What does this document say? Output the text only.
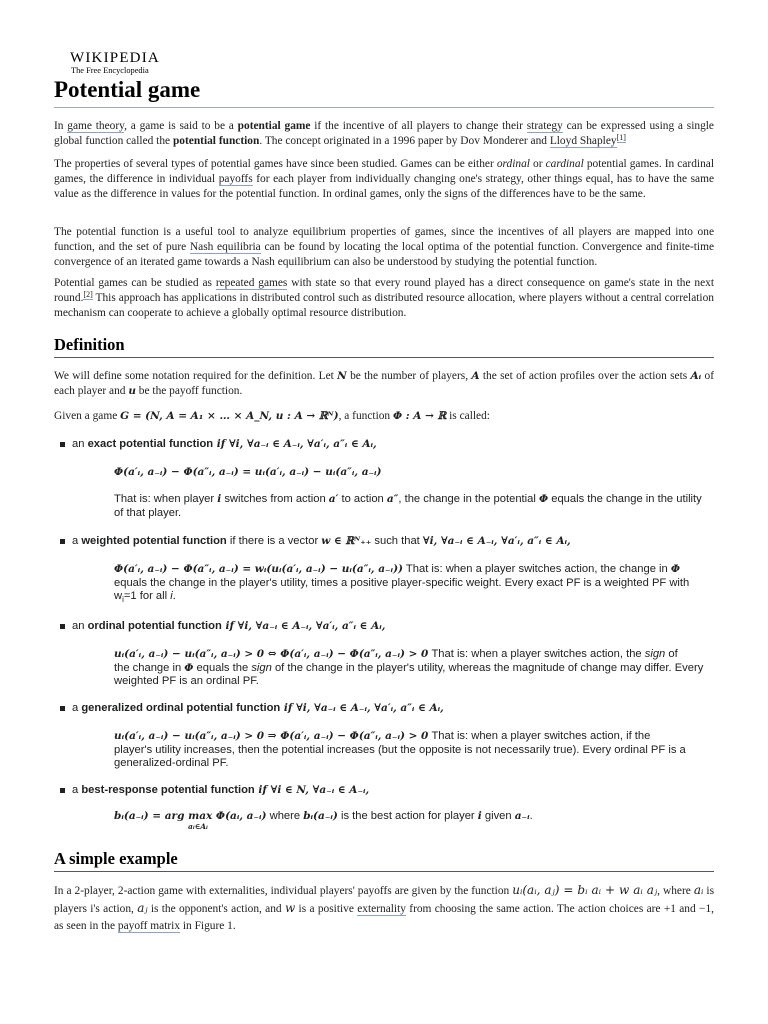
WIKIPEDIA
The Free Encyclopedia
Potential game

In game theory, a game is said to be a potential game if the incentive of all players to change their strategy can be expressed using a single global function called the potential function. The concept originated in a 1996 paper by Dov Monderer and Lloyd Shapley[1]

The properties of several types of potential games have since been studied. Games can be either ordinal or cardinal potential games. In cardinal games, the difference in individual payoffs for each player from individually changing one's strategy, other things equal, has to have the same value as the difference in values for the potential function. In ordinal games, only the signs of the differences have to be the same.

The potential function is a useful tool to analyze equilibrium properties of games, since the incentives of all players are mapped into one function, and the set of pure Nash equilibria can be found by locating the local optima of the potential function. Convergence and finite-time convergence of an iterated game towards a Nash equilibrium can also be understood by studying the potential function.

Potential games can be studied as repeated games with state so that every round played has a direct consequence on game's state in the next round.[2] This approach has applications in distributed control such as distributed resource allocation, where players without a central correlation mechanism can cooperate to achieve a globally optimal resource distribution.

Definition

We will define some notation required for the definition. Let N be the number of players, A the set of action profiles over the action sets Aᵢ of each player and u be the payoff function.

Given a game G = (N, A = A₁ × … × A_N, u : A → ℝᴺ), a function Φ : A → ℝ is called:

an exact potential function if ∀i, ∀a₋ᵢ ∈ A₋ᵢ, ∀a′ᵢ, a″ᵢ ∈ Aᵢ,
Φ(a′ᵢ, a₋ᵢ) − Φ(a″ᵢ, a₋ᵢ) = uᵢ(a′ᵢ, a₋ᵢ) − uᵢ(a″ᵢ, a₋ᵢ)
That is: when player i switches from action a′ to action a″, the change in the potential Φ equals the change in the utility of that player.
a weighted potential function if there is a vector w ∈ ℝᴺ₊₊ such that ∀i, ∀a₋ᵢ ∈ A₋ᵢ, ∀a′ᵢ, a″ᵢ ∈ Aᵢ,
Φ(a′ᵢ, a₋ᵢ) − Φ(a″ᵢ, a₋ᵢ) = wᵢ(uᵢ(a′ᵢ, a₋ᵢ) − uᵢ(a″ᵢ, a₋ᵢ)) That is: when a player switches action, the change in Φ
equals the change in the player's utility, times a positive player-specific weight. Every exact PF is a weighted PF with $w_i=1$ for all i.
an ordinal potential function if ∀i, ∀a₋ᵢ ∈ A₋ᵢ, ∀a′ᵢ, a″ᵢ ∈ Aᵢ,
uᵢ(a′ᵢ, a₋ᵢ) − uᵢ(a″ᵢ, a₋ᵢ) > 0 ⇔ Φ(a′ᵢ, a₋ᵢ) − Φ(a″ᵢ, a₋ᵢ) > 0 That is: when a player switches action, the sign of
the change in Φ equals the sign of the change in the player's utility, whereas the magnitude of change may differ. Every weighted PF is an ordinal PF.
a generalized ordinal potential function if ∀i, ∀a₋ᵢ ∈ A₋ᵢ, ∀a′ᵢ, a″ᵢ ∈ Aᵢ,
uᵢ(a′ᵢ, a₋ᵢ) − uᵢ(a″ᵢ, a₋ᵢ) > 0 ⇒ Φ(a′ᵢ, a₋ᵢ) − Φ(a″ᵢ, a₋ᵢ) > 0 That is: when a player switches action, if the
player's utility increases, then the potential increases (but the opposite is not necessarily true). Every ordinal PF is a generalized-ordinal PF.
a best-response potential function if ∀i ∈ N, ∀a₋ᵢ ∈ A₋ᵢ,
bᵢ(a₋ᵢ) = arg max Φ(aᵢ, a₋ᵢ) where bᵢ(a₋ᵢ) is the best action for player i given a₋ᵢ.
aᵢ∈Aᵢ
A simple example

In a 2-player, 2-action game with externalities, individual players' payoffs are given by the function uᵢ(aᵢ, aⱼ) = bᵢ aᵢ + w aᵢ aⱼ, where aᵢ is players i's action, aⱼ is the opponent's action, and w is a positive externality from choosing the same action. The action choices are +1 and −1, as seen in the payoff matrix in Figure 1.
